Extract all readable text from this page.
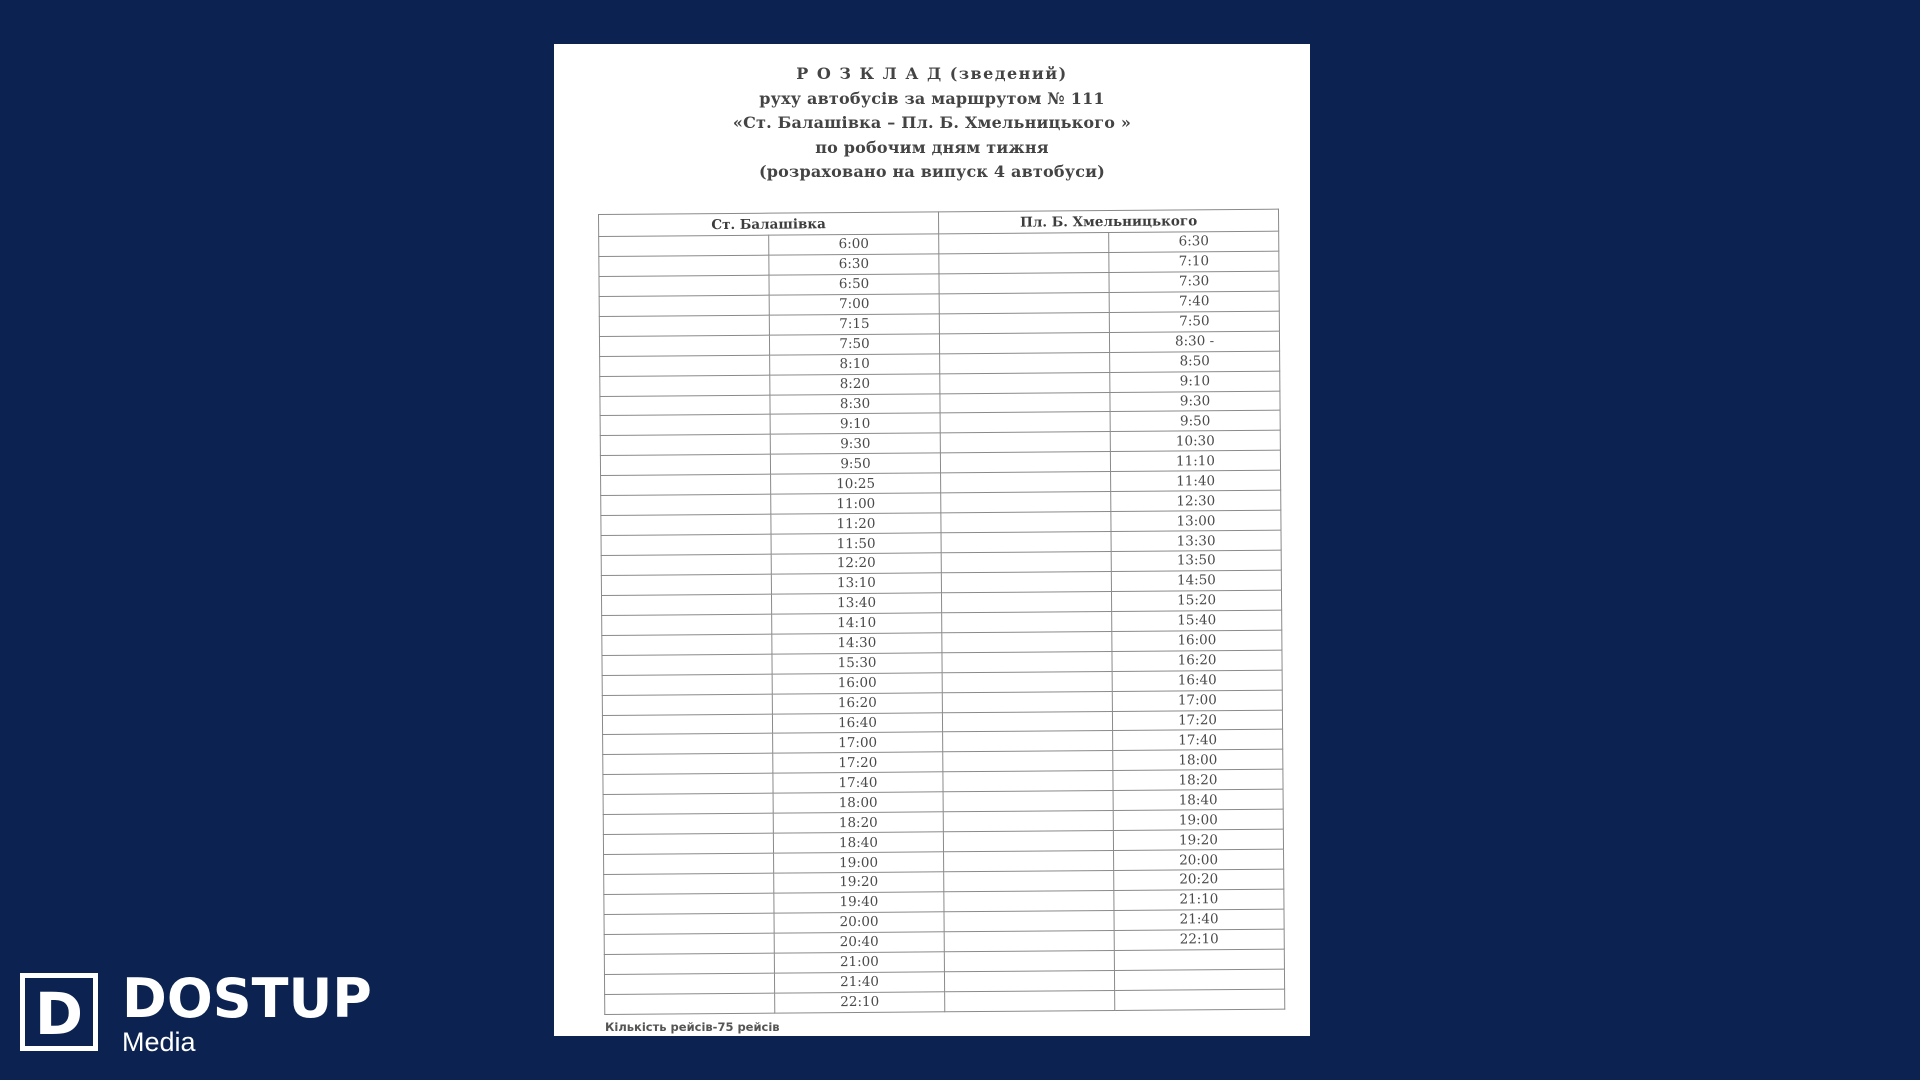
Р О З К Л А Д (зведений)
руху автобусів за маршрутом № 111
«Ст. Балашівка – Пл. Б. Хмельницького »
по робочим дням тижня
(розраховано на випуск 4 автобуси)
Ст. Балашівка		Пл. Б. Хмельницького	
	6:00		6:30
	6:30		7:10
	6:50		7:30
	7:00		7:40
	7:15		7:50
	7:50		8:30 -
	8:10		8:50
	8:20		9:10
	8:30		9:30
	9:10		9:50
	9:30		10:30
	9:50		11:10
	10:25		11:40
	11:00		12:30
	11:20		13:00
	11:50		13:30
	12:20		13:50
	13:10		14:50
	13:40		15:20
	14:10		15:40
	14:30		16:00
	15:30		16:20
	16:00		16:40
	16:20		17:00
	16:40		17:20
	17:00		17:40
	17:20		18:00
	17:40		18:20
	18:00		18:40
	18:20		19:00
	18:40		19:20
	19:00		20:00
	19:20		20:20
	19:40		21:10
	20:00		21:40
	20:40		22:10
	21:00		
	21:40		
	22:10		
Кількість рейсів-75 рейсів
D DOSTUP
Media
